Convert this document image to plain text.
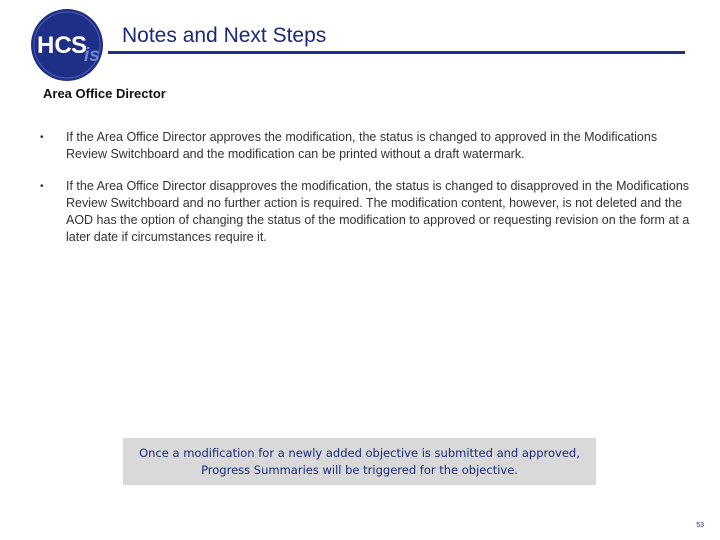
HC S
is
Notes and Next Steps
Area Office Director
• If the Area Office Director approves the modification, the status is changed to approved in the Modifications Review Switchboard and the modification can be printed without a draft watermark.
• If the Area Office Director disapproves the modification, the status is changed to disapproved in the Modifications Review Switchboard and no further action is required. The modification content, however, is not deleted and the AOD has the option of changing the status of the modification to approved or requesting revision on the form at a later date if circumstances require it.
Once a modification for a newly added objective is submitted and approved,
Progress Summaries will be triggered for the objective.
53
